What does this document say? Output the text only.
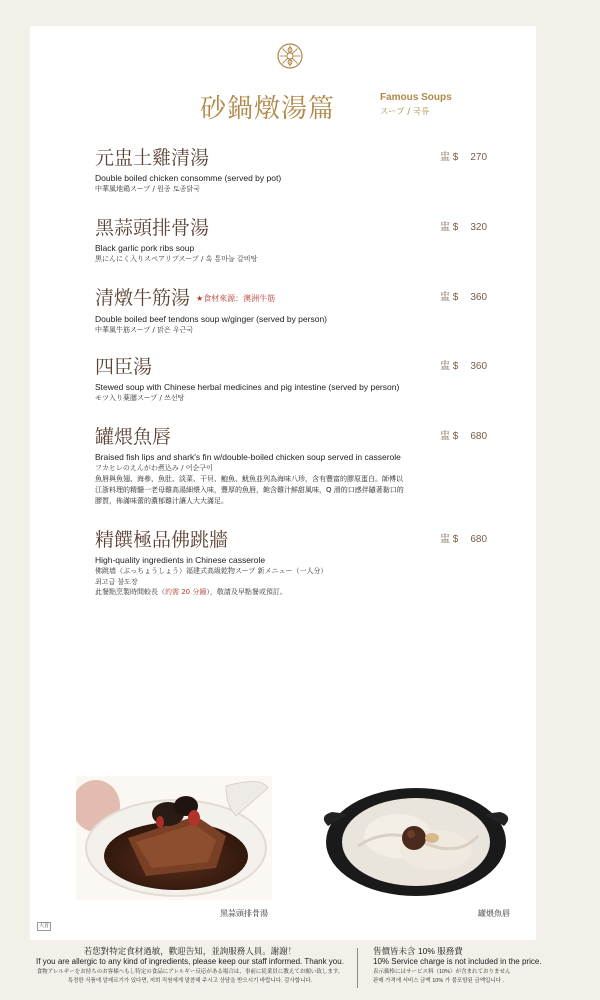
砂鍋燉湯篇	Famous Soups
スープ / 국류
元盅土雞清湯
Double boiled chicken consomme (served by pot)
中華風地鶏スープ / 원종 토종닭국
盅 $ 270
黑蒜頭排骨湯
Black garlic pork ribs soup
黒にんにく入りスペアリブスープ / 흑 통마늘 갈비탕
盅 $ 320
清燉牛筋湯 ★食材來源：澳洲牛筋
Double boiled beef tendons soup w/ginger (served by person)
中華風牛筋スープ / 맑은 우근국
盅 $ 360
四臣湯
Stewed soup with Chinese herbal medicines and pig intestine (served by person)
モツ入り薬膳スープ / 쓰선탕
盅 $ 360
罐煨魚唇
Braised fish lips and shark's fin w/double-boiled chicken soup served in casserole
フカヒレのえんがわ煮込み / 어순구이
魚唇與魚翅、海參、魚肚、淡菜、干貝、鮑魚、魷魚並列為海味八珍，含有豐富的膠原蛋白。師傅以江浙料理的精髓一老母雞高湯細煨入味，豐厚的魚唇，飽含雞汁鮮甜風味，Q 滑的口感伴隨著黏口的膠質，佈滿味蕾的濃郁雞汁讓人大大滿足。
盅 $ 680
精饌極品佛跳牆
High-quality ingredients in Chinese casserole
佛跳墙（ぶっちょうしょう）福建式高級乾物スープ 新メニュー（一人分）
최고급 불도장
此餐點烹製時間較長（約需 20 分鐘），敬請及早點餐或預訂。
盅 $ 680
黑蒜頭排骨湯	罐煨魚唇
大首
若您對特定食材過敏，歡迎告知，並詢服務人員。謝謝！
If you are allergic to any kind of ingredients, please keep our staff informed. Thank you.
食物アレルギーをお持ちのお客様へもし特定の食品にアレルギー反応がある場合は、事前に従業員に教えてお願い致します。
특정한 식품에 알레르기가 있다면, 저희 직원에게 말씀해 주시고 상담을 받으시기 바랍니다. 감사합니다.
售價皆未含 10% 服務費
10% Service charge is not included in the price.
表示価格にはサービス料（10%）が含まれておりません
판매 가격에 서비스 금액 10% 가 불포함된 금액입니다 .
